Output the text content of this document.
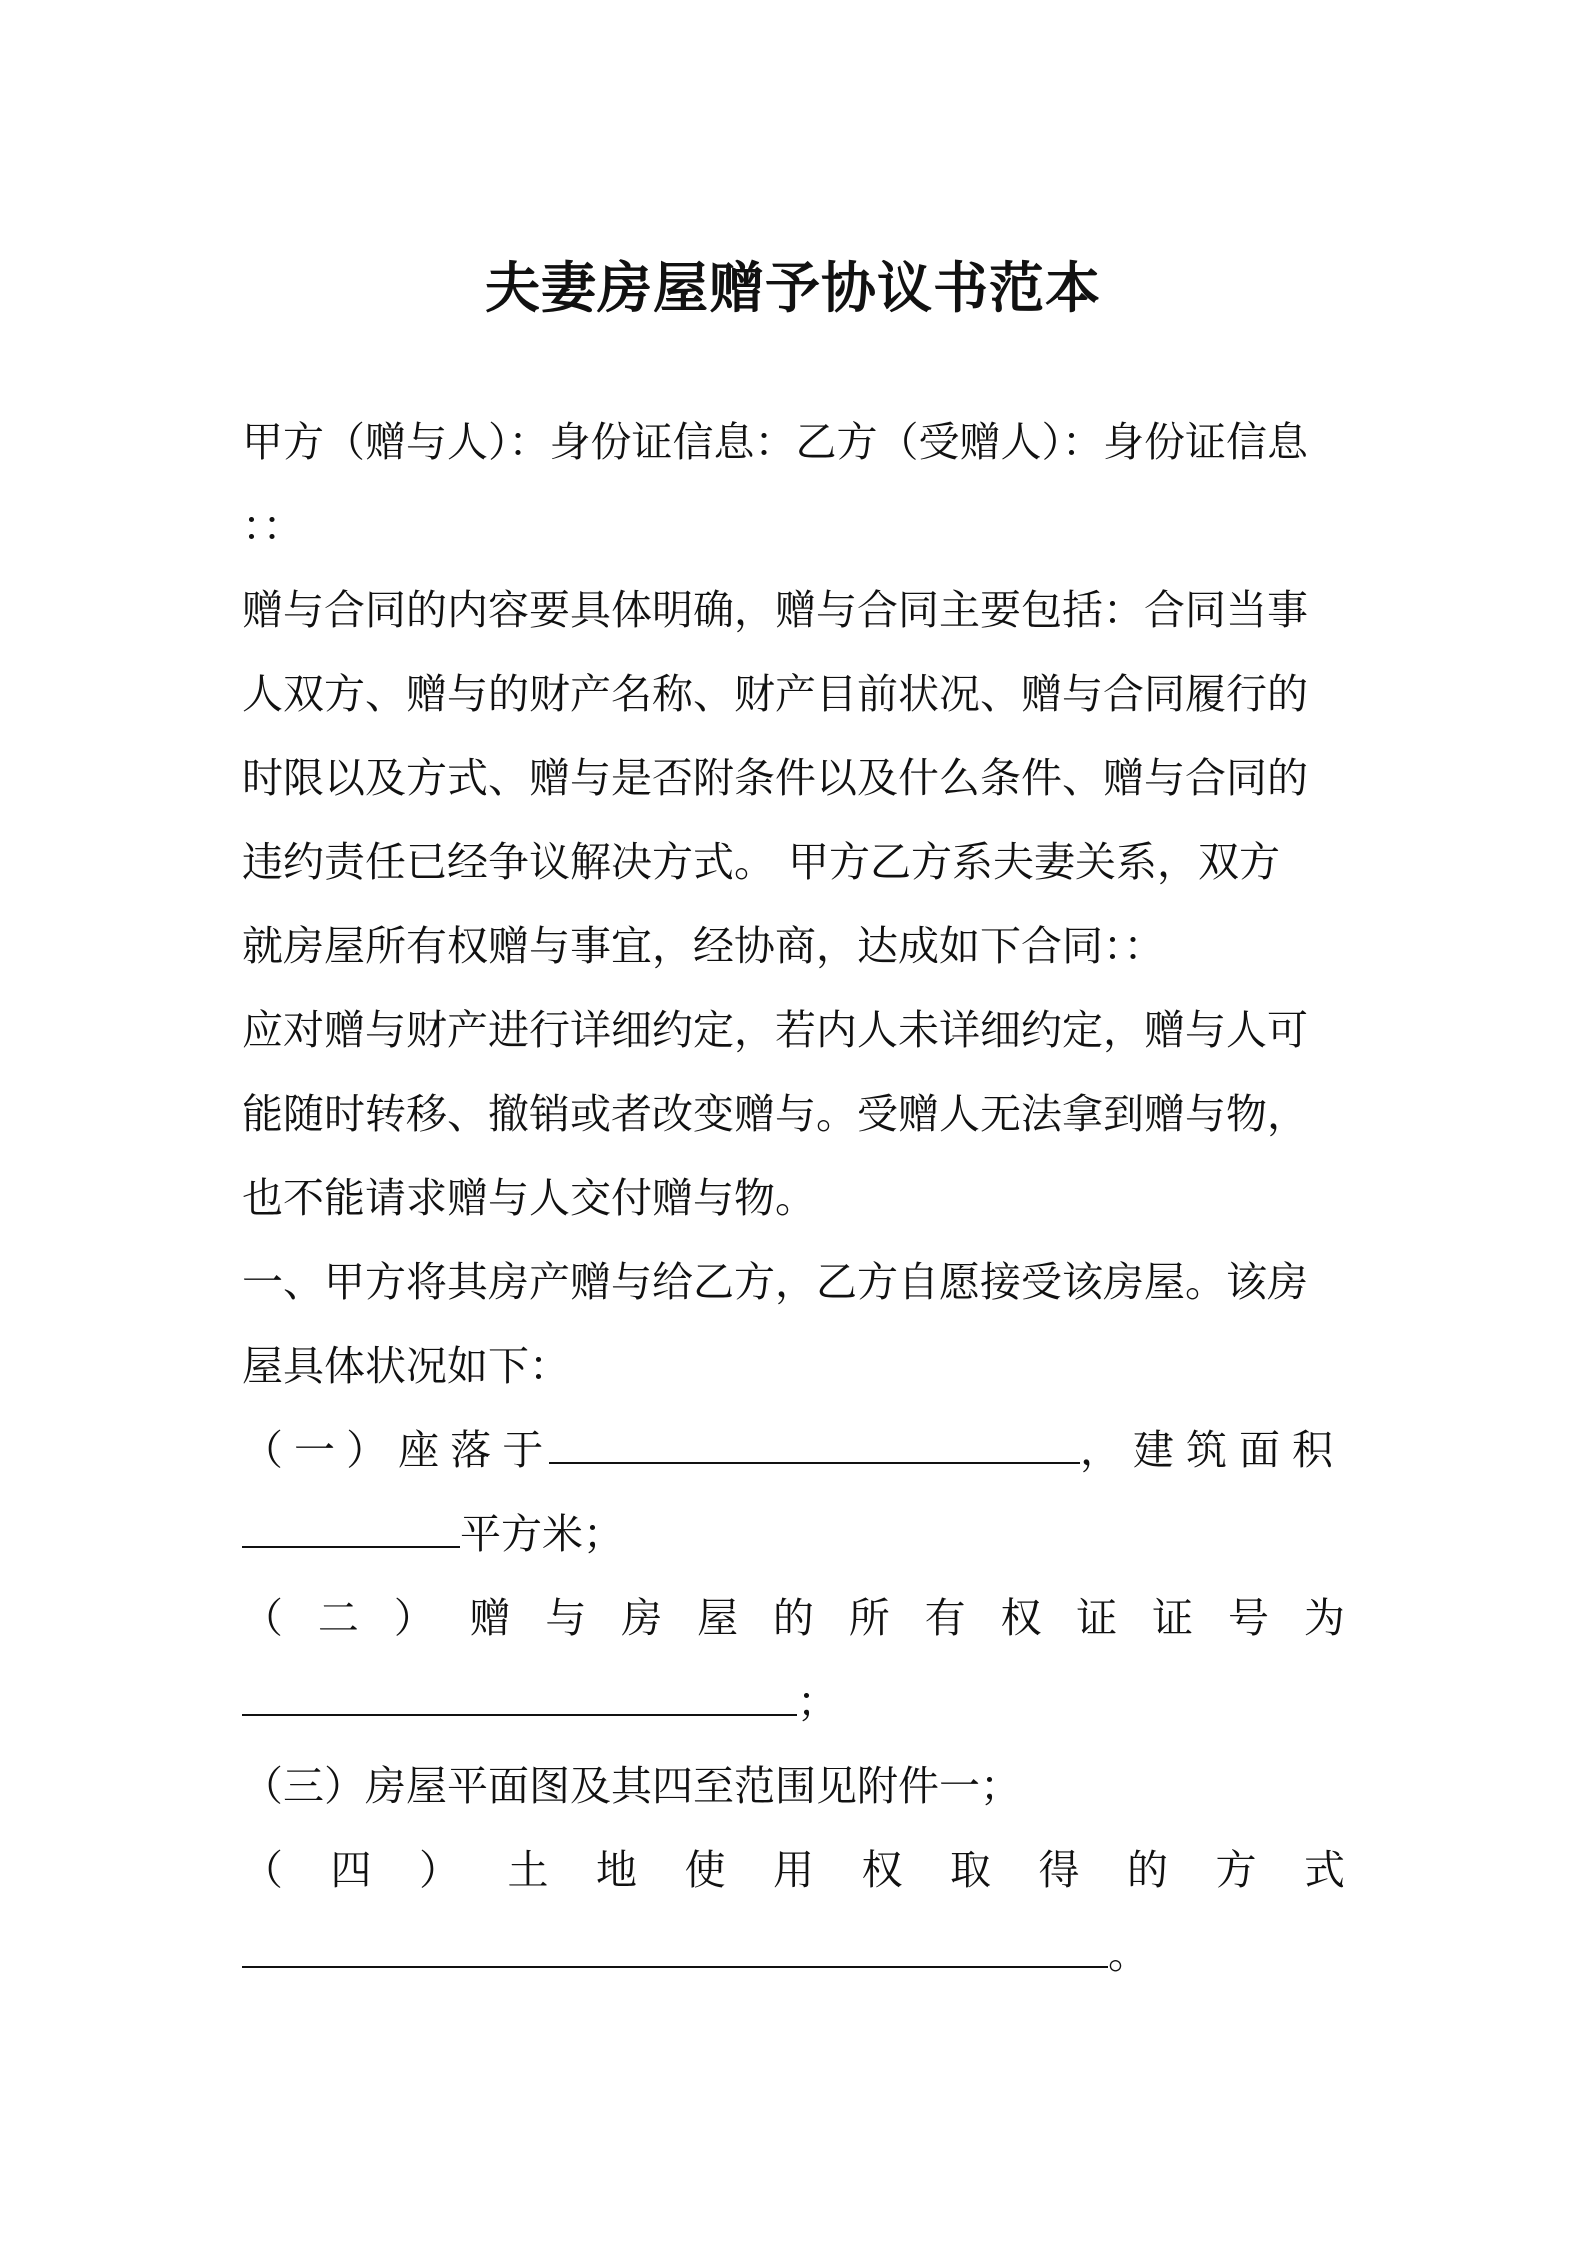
夫妻房屋赠予协议书范本
甲方（赠与人）：身份证信息：乙方（受赠人）：身份证信息
：：
赠与合同的内容要具体明确，赠与合同主要包括：合同当事
人双方、赠与的财产名称、财产目前状况、赠与合同履行的
时限以及方式、赠与是否附条件以及什么条件、赠与合同的
违约责任已经争议解决方式。 甲方乙方系夫妻关系，双方
就房屋所有权赠与事宜，经协商，达成如下合同：：
应对赠与财产进行详细约定，若内人未详细约定，赠与人可
能随时转移、撤销或者改变赠与。受赠人无法拿到赠与物，
也不能请求赠与人交付赠与物。
一、甲方将其房产赠与给乙方，乙方自愿接受该房屋。该房
屋具体状况如下：
（ 一 ） 座 落 于	，建筑面积
平方米；
（ 二 ） 赠 与 房 屋 的 所 有 权 证 证 号 为
；
（三）房屋平面图及其四至范围见附件一；
（ 四 ） 土 地 使 用 权 取 得 的 方 式
。
